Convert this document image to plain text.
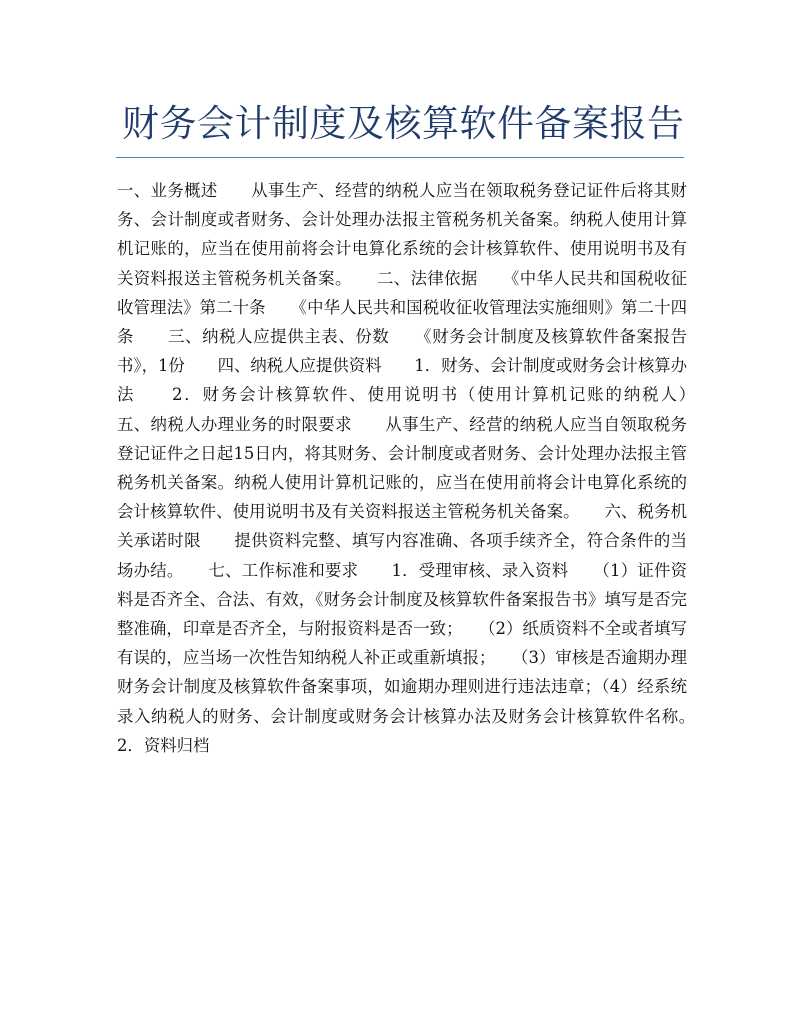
财务会计制度及核算软件备案报告

一、业务概述　　从事生产、经营的纳税人应当在领取税务登记证件后将其财务、会计制度或者财务、会计处理办法报主管税务机关备案。纳税人使用计算机记账的，应当在使用前将会计电算化系统的会计核算软件、使用说明书及有关资料报送主管税务机关备案。　　二、法律依据　　《中华人民共和国税收征收管理法》第二十条　　《中华人民共和国税收征收管理法实施细则》第二十四条　　三、纳税人应提供主表、份数　　《财务会计制度及核算软件备案报告书》，1份　　四、纳税人应提供资料　　1．财务、会计制度或财务会计核算办法　　2．财务会计核算软件、使用说明书（使用计算机记账的纳税人）　　五、纳税人办理业务的时限要求　　从事生产、经营的纳税人应当自领取税务登记证件之日起15日内，将其财务、会计制度或者财务、会计处理办法报主管税务机关备案。纳税人使用计算机记账的，应当在使用前将会计电算化系统的会计核算软件、使用说明书及有关资料报送主管税务机关备案。　　六、税务机关承诺时限　　提供资料完整、填写内容准确、各项手续齐全，符合条件的当场办结。　　七、工作标准和要求　　1．受理审核、录入资料　　（1）证件资料是否齐全、合法、有效，《财务会计制度及核算软件备案报告书》填写是否完整准确，印章是否齐全，与附报资料是否一致；　　（2）纸质资料不全或者填写有误的，应当场一次性告知纳税人补正或重新填报；　　（3）审核是否逾期办理财务会计制度及核算软件备案事项，如逾期办理则进行违法违章；（4）经系统录入纳税人的财务、会计制度或财务会计核算办法及财务会计核算软件名称。　　2．资料归档
